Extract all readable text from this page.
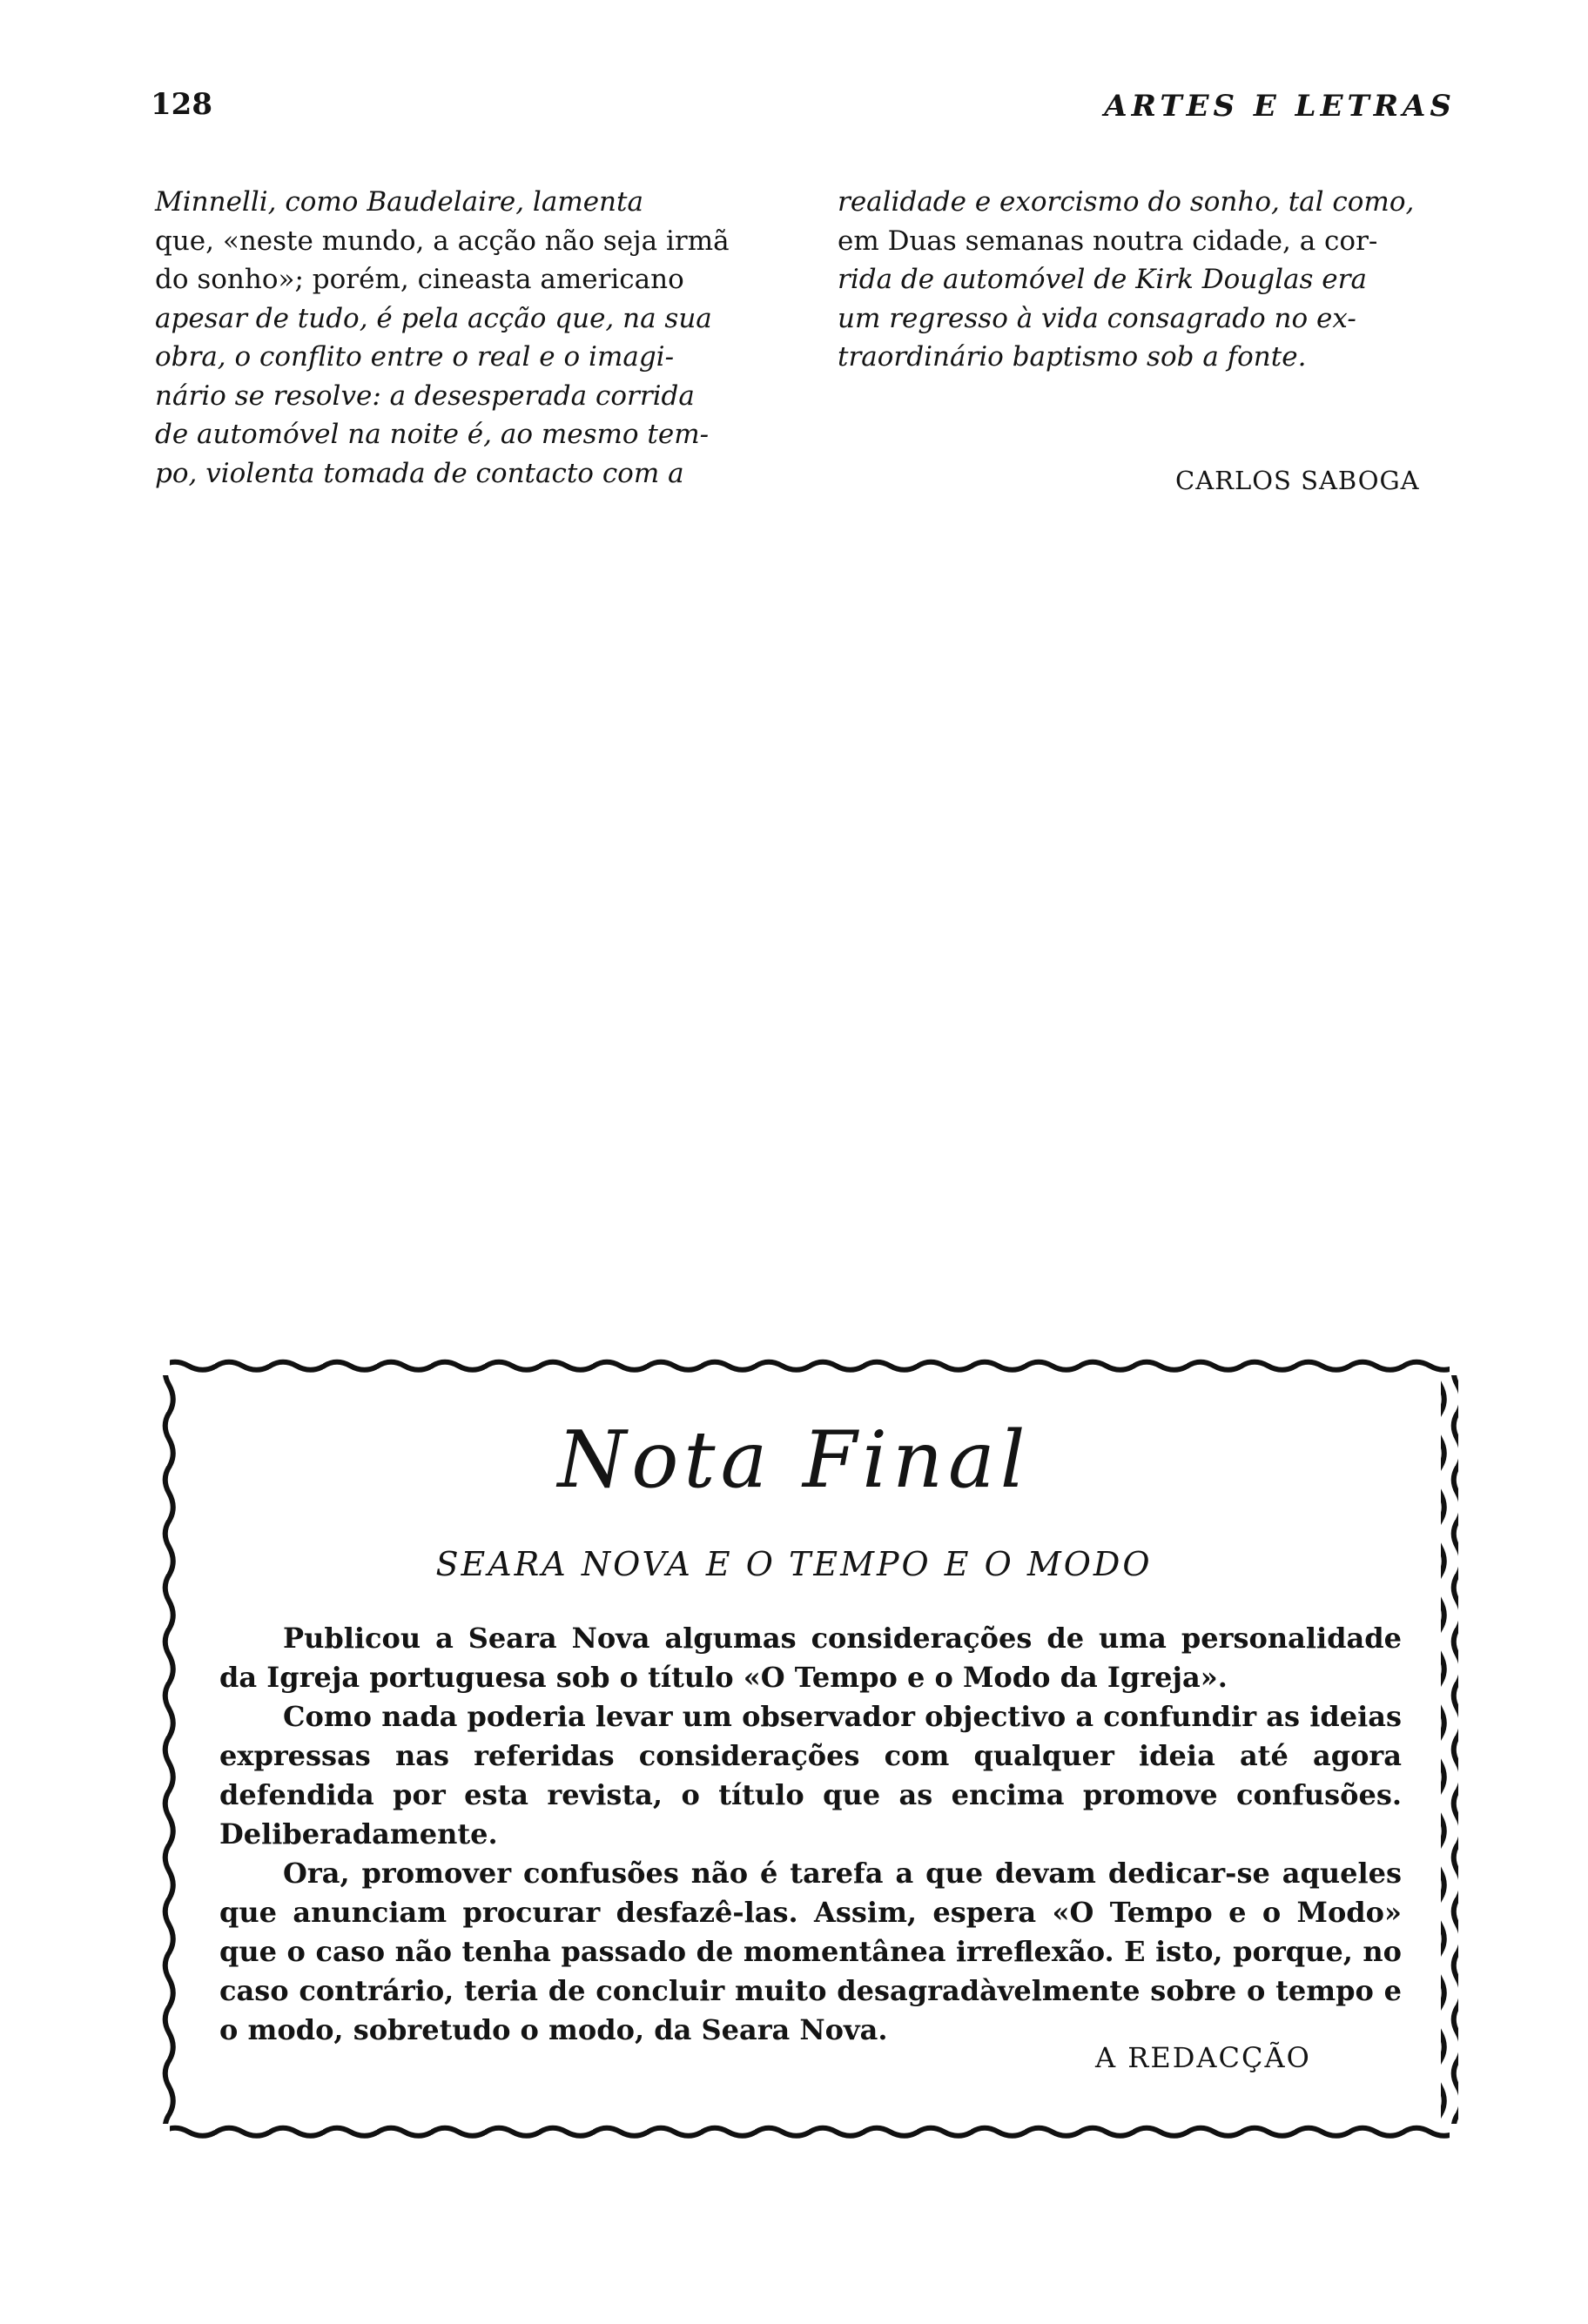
128	ARTES E LETRAS

Minnelli, como Baudelaire, lamenta
que, «neste mundo, a acção não seja irmã
do sonho»; porém, cineasta americano
apesar de tudo, é pela acção que, na sua
obra, o conflito entre o real e o imagi-
nário se resolve: a desesperada corrida
de automóvel na noite é, ao mesmo tem-
po, violenta tomada de contacto com a

realidade e exorcismo do sonho, tal como,
em Duas semanas noutra cidade, a cor-
rida de automóvel de Kirk Douglas era
um regresso à vida consagrado no ex-
traordinário baptismo sob a fonte.

CARLOS SABOGA
Nota Final
SEARA NOVA E O TEMPO E O MODO

Publicou a Seara Nova algumas considerações de uma personalidade da Igreja portuguesa sob o título «O Tempo e o Modo da Igreja».

Como nada poderia levar um observador objectivo a confundir as ideias expressas nas referidas considerações com qualquer ideia até agora defendida por esta revista, o título que as encima promove confusões. Deliberadamente.

Ora, promover confusões não é tarefa a que devam dedicar-se aqueles que anunciam procurar desfazê-las. Assim, espera «O Tempo e o Modo» que o caso não tenha passado de momentânea irreflexão. E isto, porque, no caso contrário, teria de concluir muito desagradàvelmente sobre o tempo e o modo, sobretudo o modo, da Seara Nova.

A REDACÇÃO
